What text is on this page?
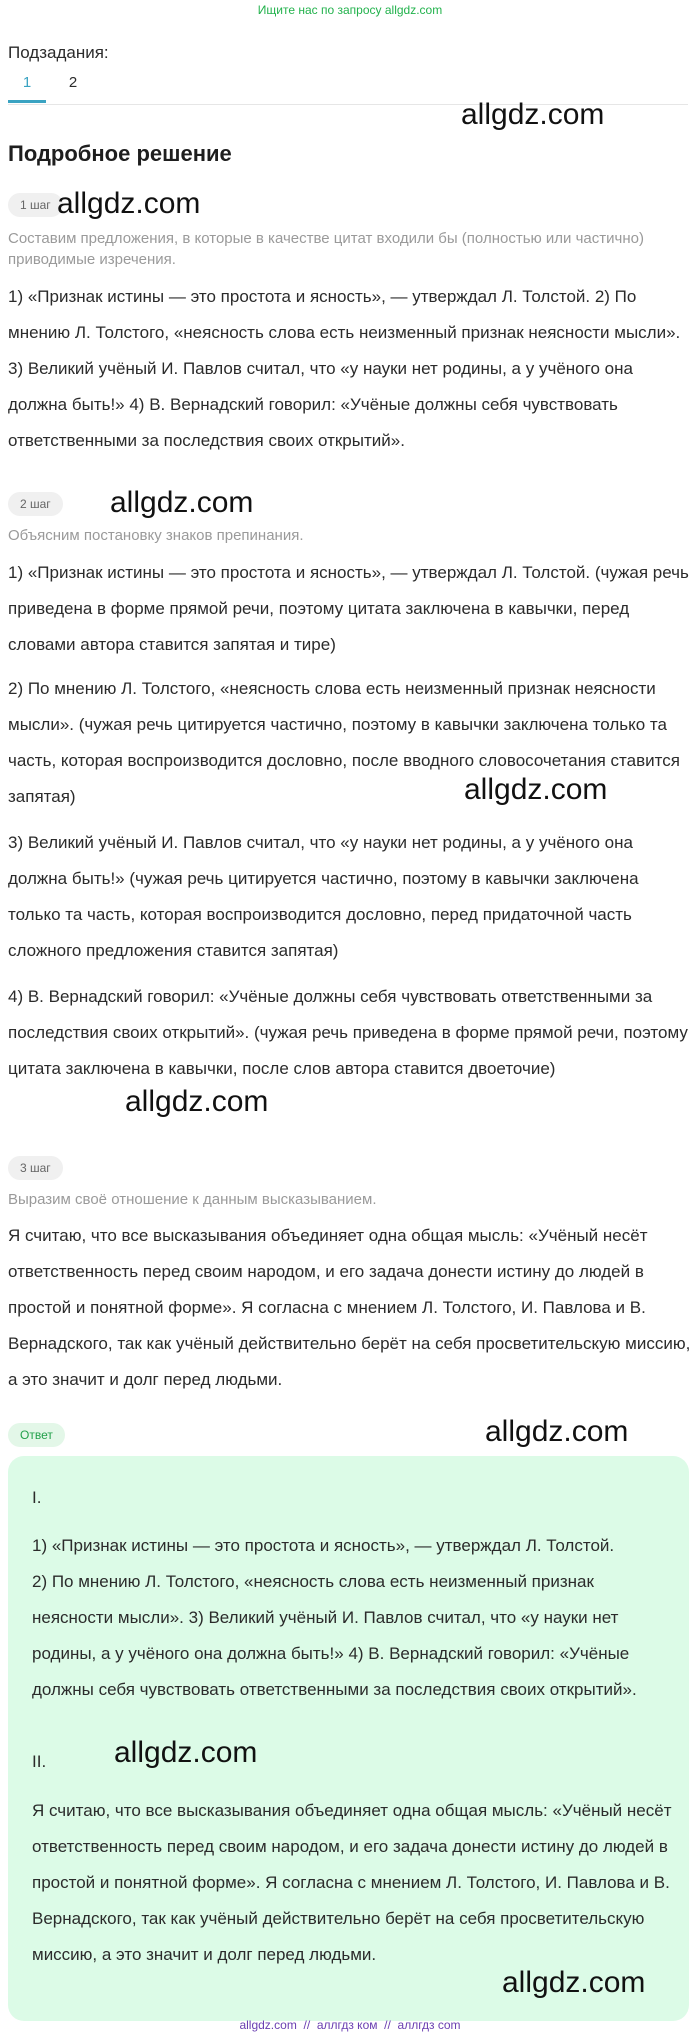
Ищите нас по запросу allgdz.com
Подзадания:
1	2
allgdz.com
Подробное решение
1 шаг allgdz.com
Составим предложения, в которые в качестве цитат входили бы (полностью или частично) приводимые изречения.

1) «Признак истины — это простота и ясность», — утверждал Л. Толстой. 2) По мнению Л. Толстого, «неясность слова есть неизменный признак неясности мысли». 3) Великий учёный И. Павлов считал, что «у науки нет родины, а у учёного она должна быть!» 4) В. Вернадский говорил: «Учёные должны себя чувствовать ответственными за последствия своих открытий».

2 шаг	allgdz.com
Объясним постановку знаков препинания.

1) «Признак истины — это простота и ясность», — утверждал Л. Толстой. (чужая речь приведена в форме прямой речи, поэтому цитата заключена в кавычки, перед словами автора ставится запятая и тире)

2) По мнению Л. Толстого, «неясность слова есть неизменный признак неясности мысли». (чужая речь цитируется частично, поэтому в кавычки заключена только та часть, которая воспроизводится дословно, после вводного словосочетания ставится запятая)	allgdz.com

3) Великий учёный И. Павлов считал, что «у науки нет родины, а у учёного она должна быть!» (чужая речь цитируется частично, поэтому в кавычки заключена только та часть, которая воспроизводится дословно, перед придаточной часть сложного предложения ставится запятая)

4) В. Вернадский говорил: «Учёные должны себя чувствовать ответственными за последствия своих открытий». (чужая речь приведена в форме прямой речи, поэтому цитата заключена в кавычки, после слов автора ставится двоеточие)

allgdz.com
3 шаг
Выразим своё отношение к данным высказыванием.

Я считаю, что все высказывания объединяет одна общая мысль: «Учёный несёт ответственность перед своим народом, и его задача донести истину до людей в простой и понятной форме». Я согласна с мнением Л. Толстого, И. Павлова и В. Вернадского, так как учёный действительно берёт на себя просветительскую миссию, а это значит и долг перед людьми.

Ответ	allgdz.com

I.

1) «Признак истины — это простота и ясность», — утверждал Л. Толстой.

2) По мнению Л. Толстого, «неясность слова есть неизменный признак неясности мысли». 3) Великий учёный И. Павлов считал, что «у науки нет родины, а у учёного она должна быть!» 4) В. Вернадский говорил: «Учёные должны себя чувствовать ответственными за последствия своих открытий».

II.	allgdz.com

Я считаю, что все высказывания объединяет одна общая мысль: «Учёный несёт ответственность перед своим народом, и его задача донести истину до людей в простой и понятной форме». Я согласна с мнением Л. Толстого, И. Павлова и В. Вернадского, так как учёный действительно берёт на себя просветительскую миссию, а это значит и долг перед людьми.

allgdz.com
allgdz.com // аллгдз ком // аллгдз com
